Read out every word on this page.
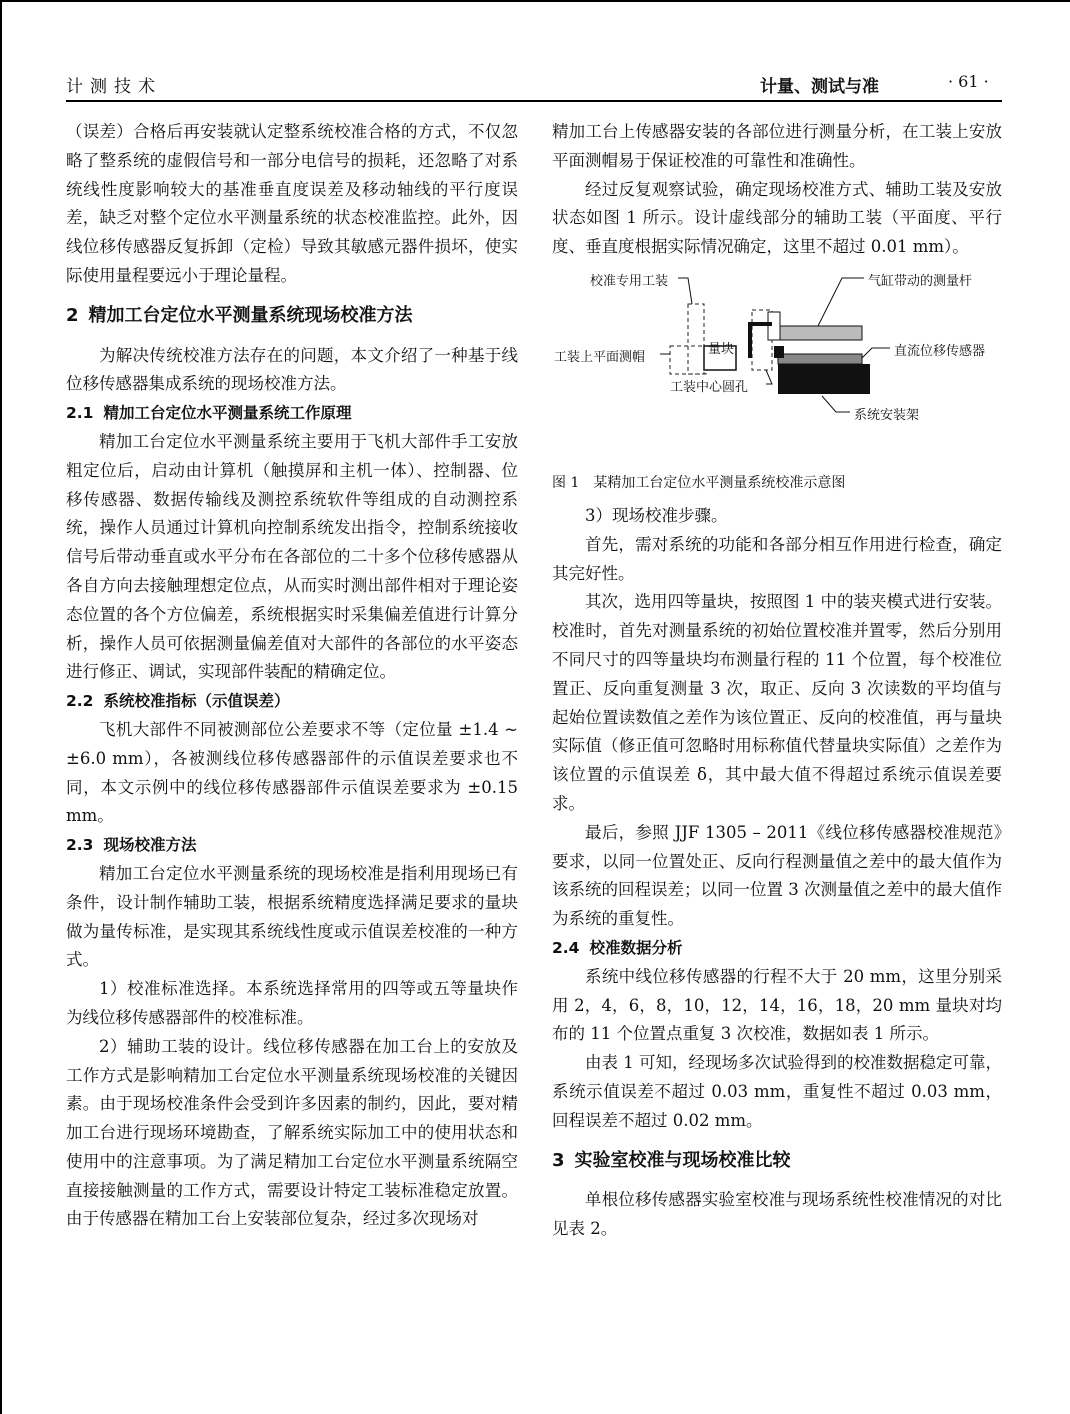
计测技术	计量、测试与准	· 61 ·

（误差）合格后再安装就认定整系统校准合格的方式，不仅忽略了整系统的虚假信号和一部分电信号的损耗，还忽略了对系统线性度影响较大的基准垂直度误差及移动轴线的平行度误差，缺乏对整个定位水平测量系统的状态校准监控。此外，因线位移传感器反复拆卸（定检）导致其敏感元器件损坏，使实际使用量程要远小于理论量程。

2 精加工台定位水平测量系统现场校准方法

为解决传统校准方法存在的问题，本文介绍了一种基于线位移传感器集成系统的现场校准方法。

2.1 精加工台定位水平测量系统工作原理

精加工台定位水平测量系统主要用于飞机大部件手工安放粗定位后，启动由计算机（触摸屏和主机一体）、控制器、位移传感器、数据传输线及测控系统软件等组成的自动测控系统，操作人员通过计算机向控制系统发出指令，控制系统接收信号后带动垂直或水平分布在各部位的二十多个位移传感器从各自方向去接触理想定位点，从而实时测出部件相对于理论姿态位置的各个方位偏差，系统根据实时采集偏差值进行计算分析，操作人员可依据测量偏差值对大部件的各部位的水平姿态进行修正、调试，实现部件装配的精确定位。

2.2 系统校准指标（示值误差）

飞机大部件不同被测部位公差要求不等（定位量 ±1.4 ~ ±6.0 mm），各被测线位移传感器部件的示值误差要求也不同，本文示例中的线位移传感器部件示值误差要求为 ±0.15 mm。

2.3 现场校准方法

精加工台定位水平测量系统的现场校准是指利用现场已有条件，设计制作辅助工装，根据系统精度选择满足要求的量块做为量传标准，是实现其系统线性度或示值误差校准的一种方式。

1）校准标准选择。本系统选择常用的四等或五等量块作为线位移传感器部件的校准标准。

2）辅助工装的设计。线位移传感器在加工台上的安放及工作方式是影响精加工台定位水平测量系统现场校准的关键因素。由于现场校准条件会受到许多因素的制约，因此，要对精加工台进行现场环境勘查，了解系统实际加工中的使用状态和使用中的注意事项。为了满足精加工台定位水平测量系统隔空直接接触测量的工作方式，需要设计特定工装标准稳定放置。由于传感器在精加工台上安装部位复杂，经过多次现场对

精加工台上传感器安装的各部位进行测量分析，在工装上安放平面测帽易于保证校准的可靠性和准确性。

经过反复观察试验，确定现场校准方式、辅助工装及安放状态如图 1 所示。设计虚线部分的辅助工装（平面度、平行度、垂直度根据实际情况确定，这里不超过 0.01 mm）。

校准专用工装	气缸带动的测量杆
工装上平面测帽
量块	直流位移传感器
工装中心圆孔
系统安装架

图 1　某精加工台定位水平测量系统校准示意图

3）现场校准步骤。

首先，需对系统的功能和各部分相互作用进行检查，确定其完好性。

其次，选用四等量块，按照图 1 中的装夹模式进行安装。校准时，首先对测量系统的初始位置校准并置零，然后分别用不同尺寸的四等量块均布测量行程的 11 个位置，每个校准位置正、反向重复测量 3 次，取正、反向 3 次读数的平均值与起始位置读数值之差作为该位置正、反向的校准值，再与量块实际值（修正值可忽略时用标称值代替量块实际值）之差作为该位置的示值误差 δ，其中最大值不得超过系统示值误差要求。

最后，参照 JJF 1305 – 2011《线位移传感器校准规范》要求，以同一位置处正、反向行程测量值之差中的最大值作为该系统的回程误差；以同一位置 3 次测量值之差中的最大值作为系统的重复性。

2.4 校准数据分析

系统中线位移传感器的行程不大于 20 mm，这里分别采用 2，4，6，8，10，12，14，16，18，20 mm 量块对均布的 11 个位置点重复 3 次校准，数据如表 1 所示。

由表 1 可知，经现场多次试验得到的校准数据稳定可靠，系统示值误差不超过 0.03 mm，重复性不超过 0.03 mm，回程误差不超过 0.02 mm。

3 实验室校准与现场校准比较

单根位移传感器实验室校准与现场系统性校准情况的对比见表 2。
